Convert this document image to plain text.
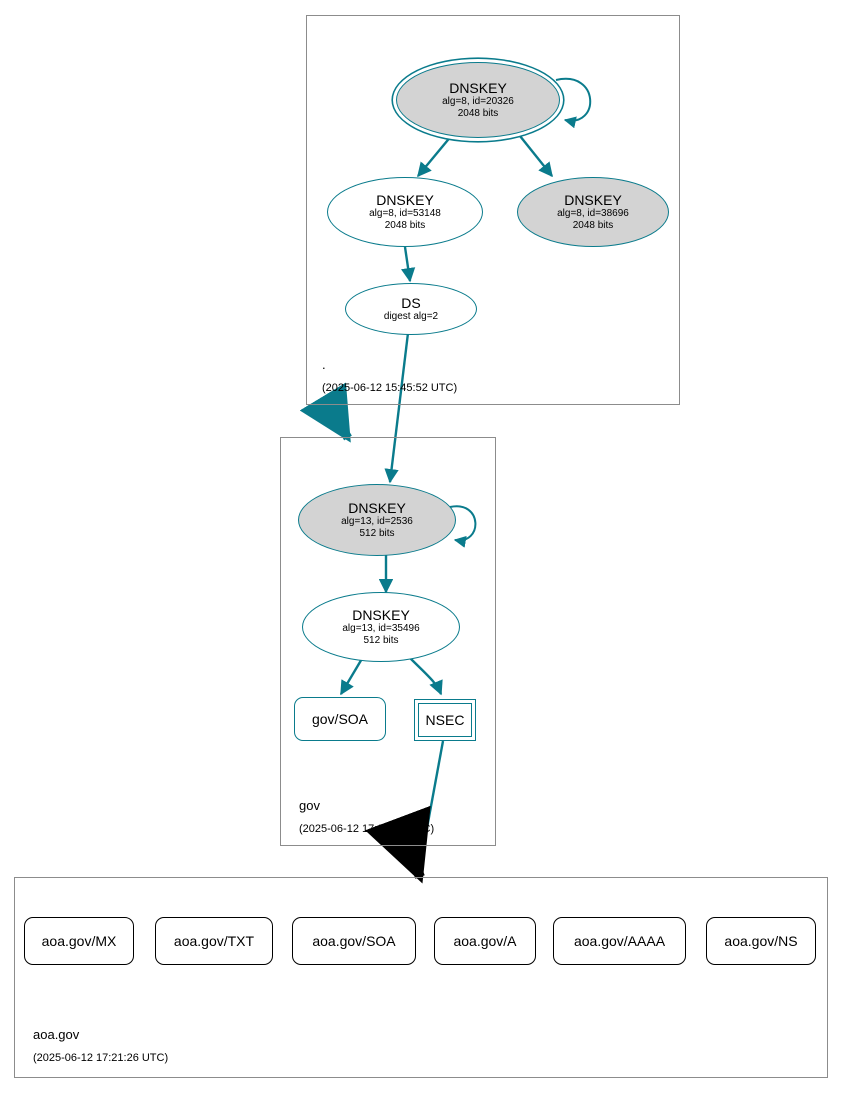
.
(2025-06-12 15:45:52 UTC)
DNSKEY
alg=8, id=20326
2048 bits
DNSKEY
alg=8, id=53148
2048 bits
DNSKEY
alg=8, id=38696
2048 bits
DS
digest alg=2
gov
(2025-06-12 17:08:36 UTC)
DNSKEY
alg=13, id=2536
512 bits
DNSKEY
alg=13, id=35496
512 bits
gov/SOA	NSEC
aoa.gov
(2025-06-12 17:21:26 UTC)
aoa.gov/MX	aoa.gov/TXT	aoa.gov/SOA	aoa.gov/A	aoa.gov/AAAA	aoa.gov/NS
